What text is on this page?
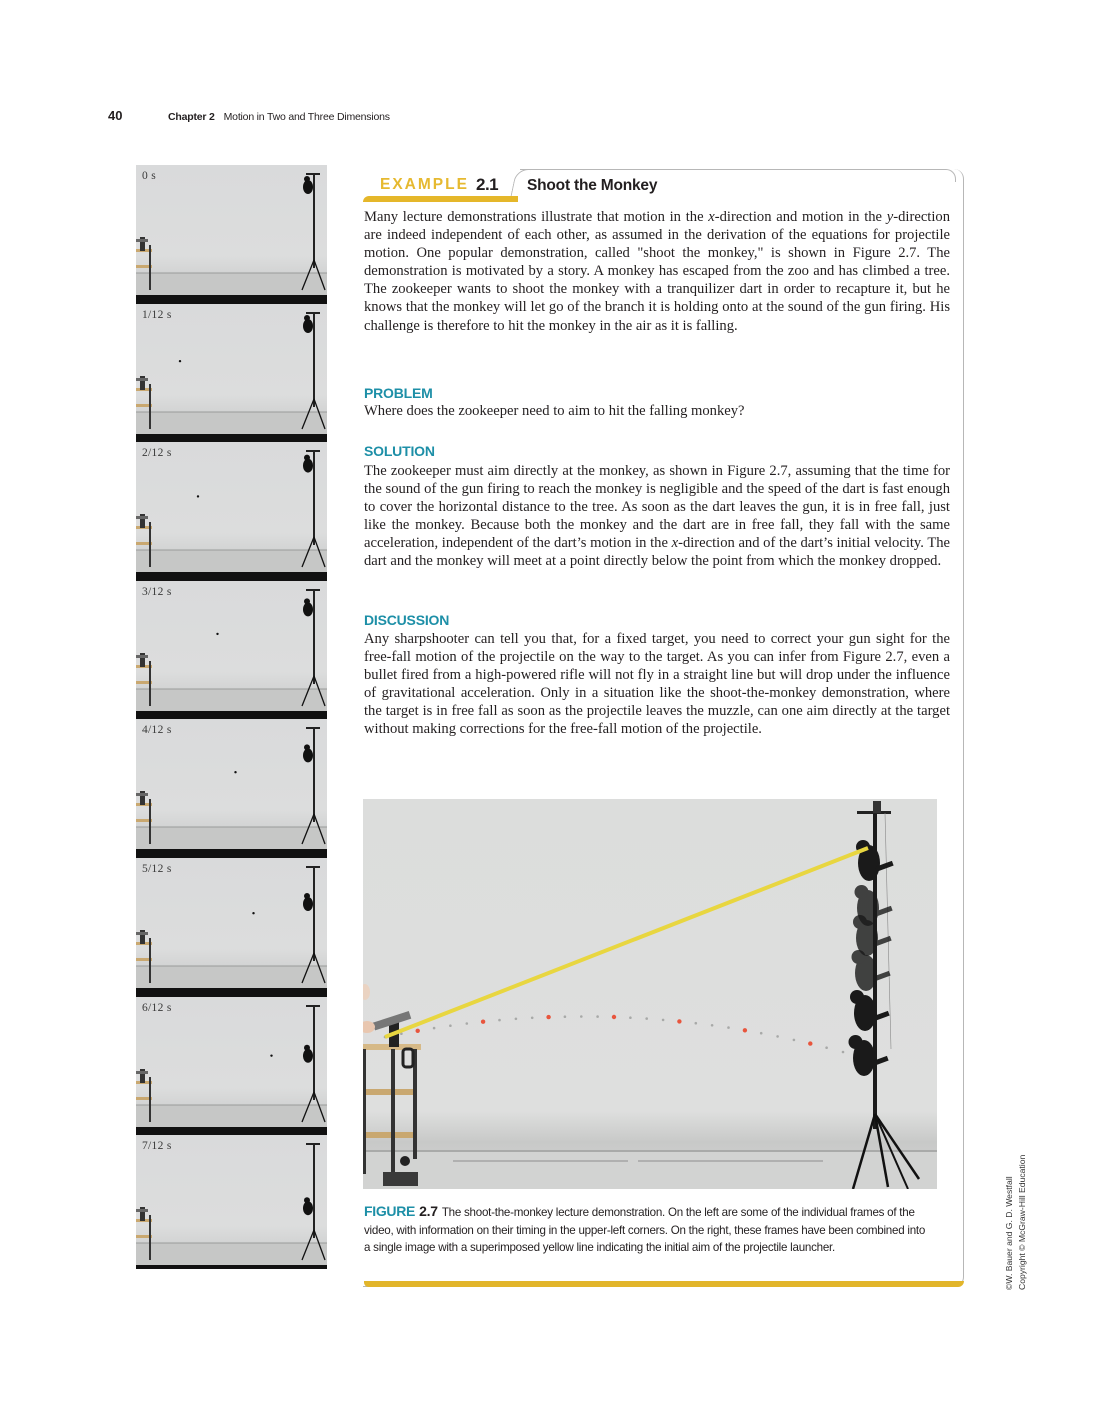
40	Chapter 2 Motion in Two and Three Dimensions
0 s
1/12 s
2/12 s
3/12 s
4/12 s
5/12 s
6/12 s
7/12 s
EXAMPLE 2.1 Shoot the Monkey

Many lecture demonstrations illustrate that motion in the x-direction and motion in the y-direction are indeed independent of each other, as assumed in the derivation of the equations for projectile motion. One popular demonstration, called "shoot the monkey," is shown in Figure 2.7. The demonstration is motivated by a story. A monkey has escaped from the zoo and has climbed a tree. The zookeeper wants to shoot the monkey with a tranquilizer dart in order to recapture it, but he knows that the monkey will let go of the branch it is holding onto at the sound of the gun firing. His challenge is therefore to hit the monkey in the air as it is falling.

PROBLEM

Where does the zookeeper need to aim to hit the falling monkey?

SOLUTION

The zookeeper must aim directly at the monkey, as shown in Figure 2.7, assuming that the time for the sound of the gun firing to reach the monkey is negligible and the speed of the dart is fast enough to cover the horizontal distance to the tree. As soon as the dart leaves the gun, it is in free fall, just like the monkey. Because both the monkey and the dart are in free fall, they fall with the same acceleration, independent of the dart’s motion in the x-direction and of the dart’s initial velocity. The dart and the monkey will meet at a point directly below the point from which the monkey dropped.

DISCUSSION

Any sharpshooter can tell you that, for a fixed target, you need to correct your gun sight for the free-fall motion of the projectile on the way to the target. As you can infer from Figure 2.7, even a bullet fired from a high-powered rifle will not fly in a straight line but will drop under the influence of gravitational acceleration. Only in a situation like the shoot-the-monkey demonstration, where the target is in free fall as soon as the projectile leaves the muzzle, can one aim directly at the target without making corrections for the free-fall motion of the projectile.

FIGURE 2.7 The shoot-the-monkey lecture demonstration. On the left are some of the individual frames of the video, with information on their timing in the upper-left corners. On the right, these frames have been combined into a single image with a superimposed yellow line indicating the initial aim of the projectile launcher.	©W. Bauer and G. D. Westfall Copyright © McGraw-Hill Education
